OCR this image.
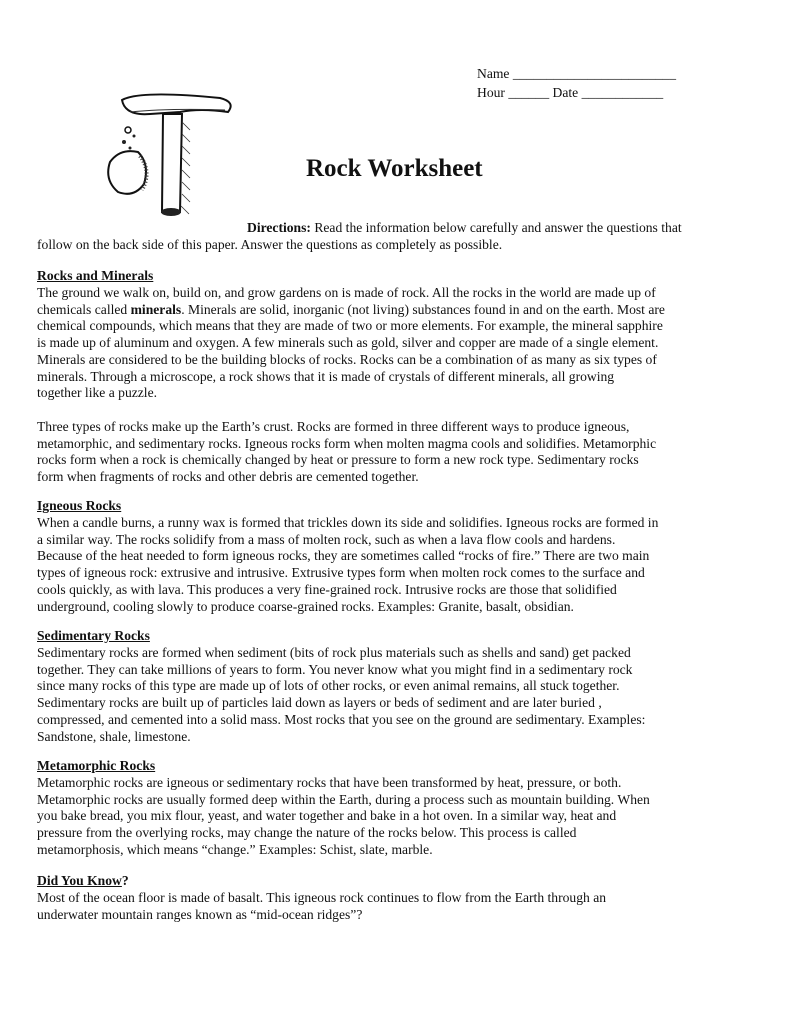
Name ________________________
Hour ______ Date ____________
Rock Worksheet
Directions: Read the information below carefully and answer the questions that
follow on the back side of this paper. Answer the questions as completely as possible.
Rocks and Minerals
The ground we walk on, build on, and grow gardens on is made of rock. All the rocks in the world are made up of
chemicals called minerals. Minerals are solid, inorganic (not living) substances found in and on the earth. Most are
chemical compounds, which means that they are made of two or more elements. For example, the mineral sapphire
is made up of aluminum and oxygen. A few minerals such as gold, silver and copper are made of a single element.
Minerals are considered to be the building blocks of rocks. Rocks can be a combination of as many as six types of
minerals. Through a microscope, a rock shows that it is made of crystals of different minerals, all growing
together like a puzzle.
Three types of rocks make up the Earth’s crust. Rocks are formed in three different ways to produce igneous,
metamorphic, and sedimentary rocks. Igneous rocks form when molten magma cools and solidifies. Metamorphic
rocks form when a rock is chemically changed by heat or pressure to form a new rock type. Sedimentary rocks
form when fragments of rocks and other debris are cemented together.
Igneous Rocks
When a candle burns, a runny wax is formed that trickles down its side and solidifies. Igneous rocks are formed in
a similar way. The rocks solidify from a mass of molten rock, such as when a lava flow cools and hardens.
Because of the heat needed to form igneous rocks, they are sometimes called “rocks of fire.” There are two main
types of igneous rock: extrusive and intrusive. Extrusive types form when molten rock comes to the surface and
cools quickly, as with lava. This produces a very fine-grained rock. Intrusive rocks are those that solidified
underground, cooling slowly to produce coarse-grained rocks. Examples: Granite, basalt, obsidian.
Sedimentary Rocks
Sedimentary rocks are formed when sediment (bits of rock plus materials such as shells and sand) get packed
together. They can take millions of years to form. You never know what you might find in a sedimentary rock
since many rocks of this type are made up of lots of other rocks, or even animal remains, all stuck together.
Sedimentary rocks are built up of particles laid down as layers or beds of sediment and are later buried ,
compressed, and cemented into a solid mass. Most rocks that you see on the ground are sedimentary. Examples:
Sandstone, shale, limestone.
Metamorphic Rocks
Metamorphic rocks are igneous or sedimentary rocks that have been transformed by heat, pressure, or both.
Metamorphic rocks are usually formed deep within the Earth, during a process such as mountain building. When
you bake bread, you mix flour, yeast, and water together and bake in a hot oven. In a similar way, heat and
pressure from the overlying rocks, may change the nature of the rocks below. This process is called
metamorphosis, which means “change.” Examples: Schist, slate, marble.
Did You Know?
Most of the ocean floor is made of basalt. This igneous rock continues to flow from the Earth through an
underwater mountain ranges known as “mid-ocean ridges”?
